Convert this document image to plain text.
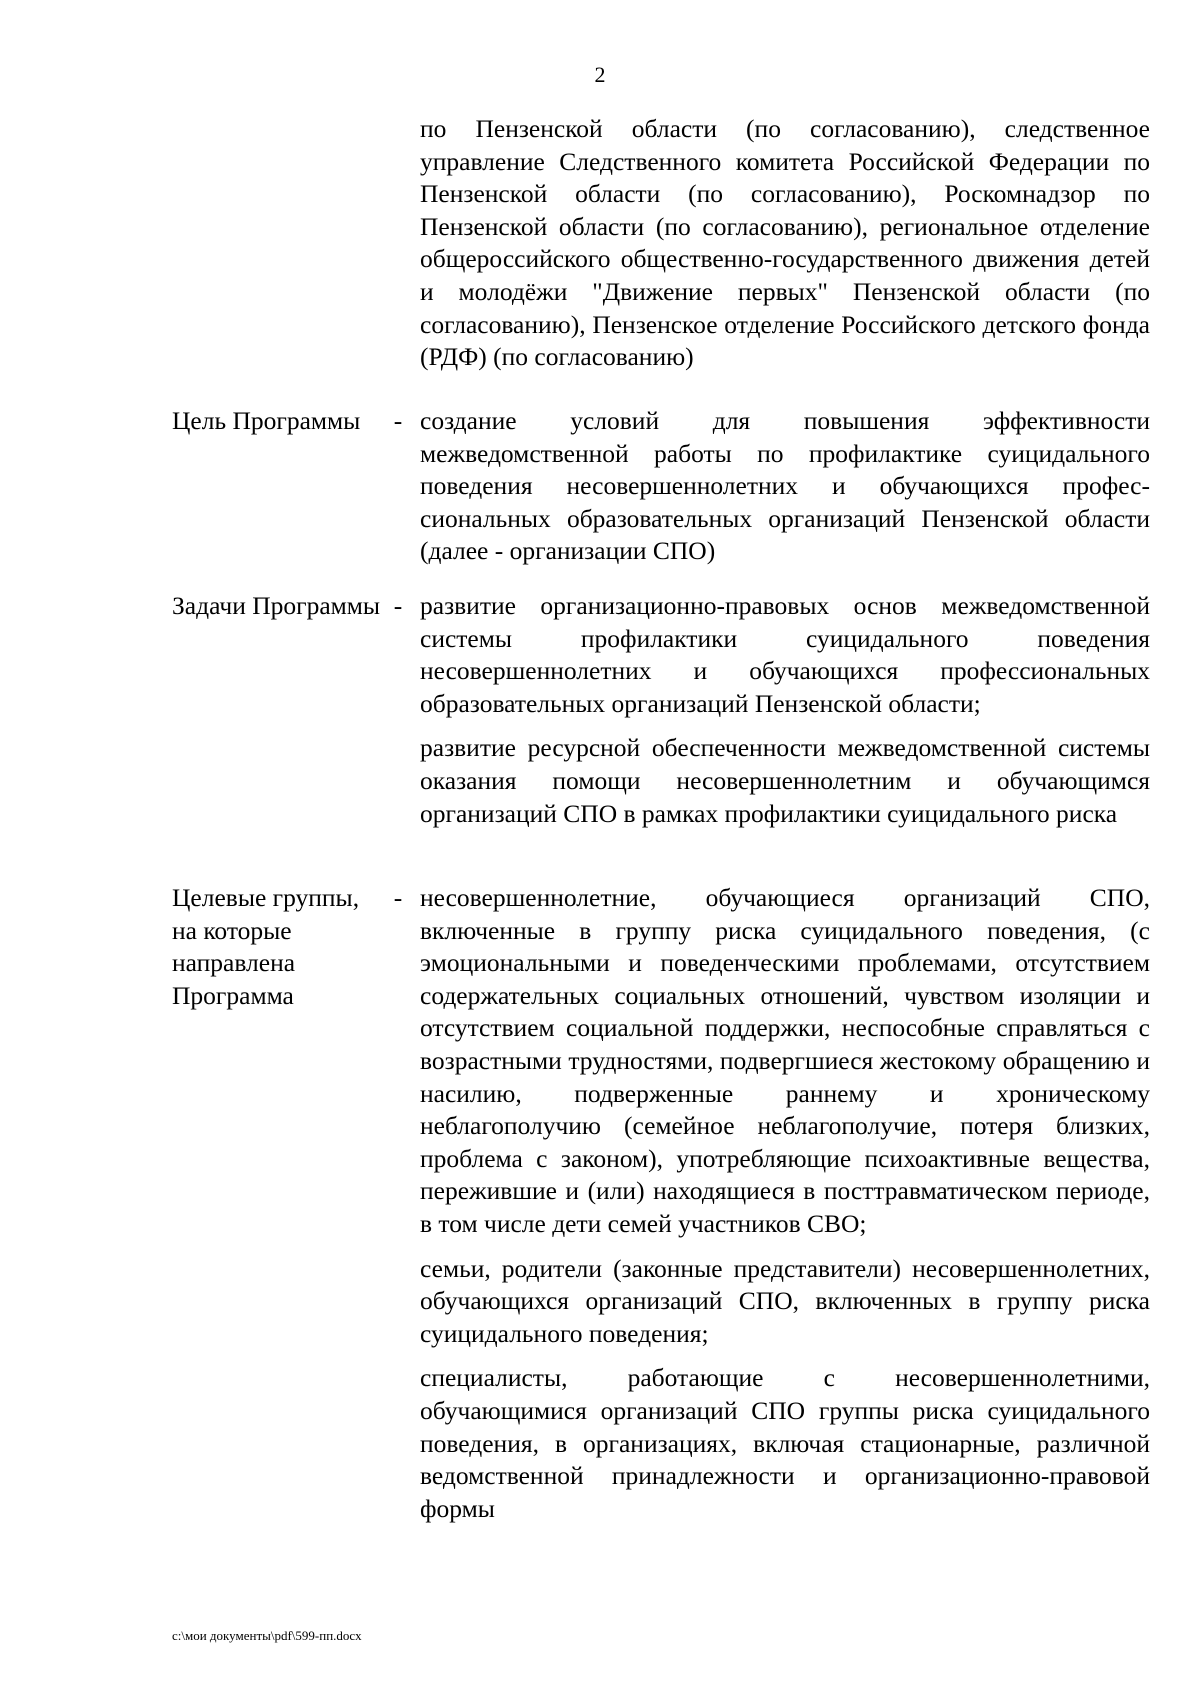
2

по Пензенской области (по согласованию), следственное управление Следственного комитета Российской Федерации по Пензенской области (по согласованию), Роскомнадзор по Пензенской области (по согласованию), региональное отделение общероссийского общественно-государственного движения детей и молодёжи "Движение первых" Пензенской области (по согласованию), Пензенское отделение Российского детского фонда (РДФ) (по согласованию)

Цель Программы	- создание условий для повышения эффективности межведомственной работы по профилактике суицидального поведения несовершеннолетних и обучающихся профессиональных образовательных организаций Пензенской области (далее - организации СПО)

Задачи Программы - развитие организационно-правовых основ межведомственной системы профилактики суицидального поведения несовершеннолетних и обучающихся профессиональных образовательных организаций Пензенской области;

развитие ресурсной обеспеченности межведомственной системы оказания помощи несовершеннолетним и обучающимся организаций СПО в рамках профилактики суицидального риска

Целевые группы, на которые направлена Программа
- несовершеннолетние, обучающиеся организаций СПО, включенные в группу риска суицидального поведения, (с эмоциональными и поведенческими проблемами, отсутствием содержательных социальных отношений, чувством изоляции и отсутствием социальной поддержки, неспособные справляться с возрастными трудностями, подвергшиеся жестокому обращению и насилию, подверженные раннему и хроническому неблагополучию (семейное неблагополучие, потеря близких, проблема с законом), употребляющие психоактивные вещества, пережившие и (или) находящиеся в посттравматическом периоде, в том числе дети семей участников СВО;

семьи, родители (законные представители) несовершеннолетних, обучающихся организаций СПО, включенных в группу риска суицидального поведения;

специалисты, работающие с несовершеннолетними, обучающимися организаций СПО группы риска суицидального поведения, в организациях, включая стационарные, различной ведомственной принадлежности и организационно-правовой формы

c:\мои документы\pdf\599-пп.docx
